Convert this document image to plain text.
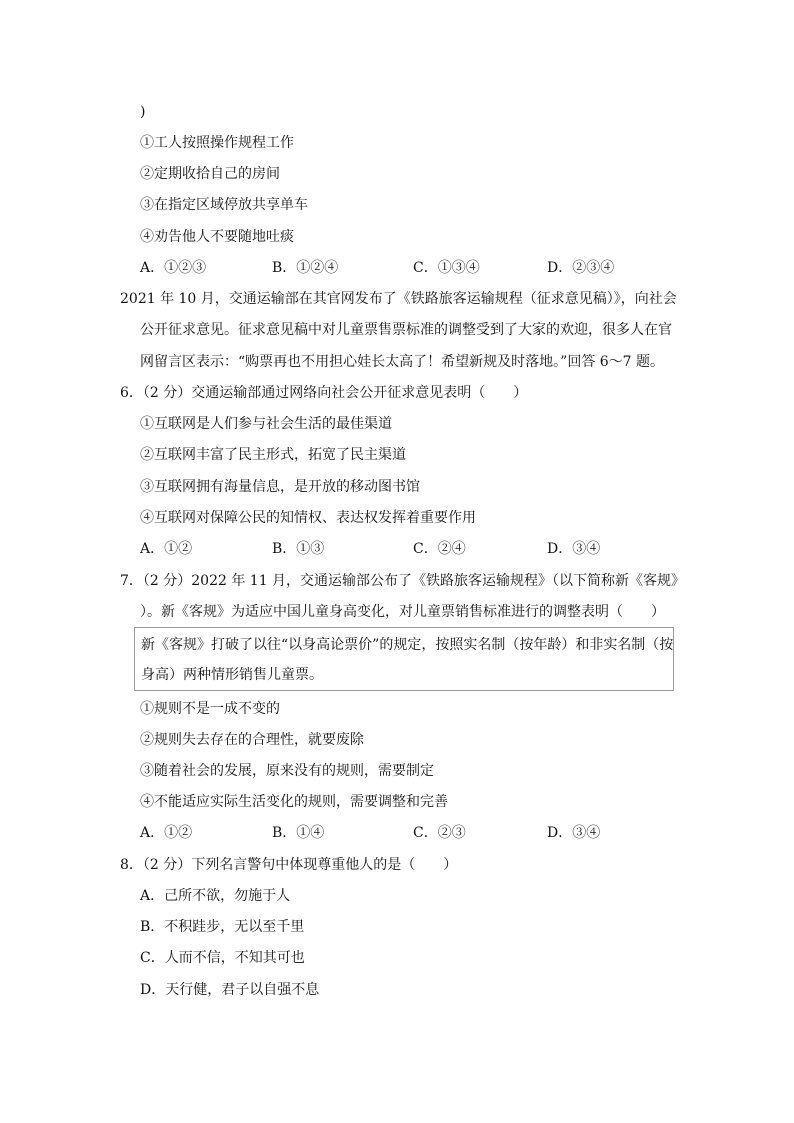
)
①工人按照操作规程工作
②定期收拾自己的房间
③在指定区域停放共享单车
④劝告他人不要随地吐痰
A．①②③	B．①②④	C．①③④	D．②③④
2021 年 10 月，交通运输部在其官网发布了《铁路旅客运输规程（征求意见稿）》，向社会
公开征求意见。征求意见稿中对儿童票售票标准的调整受到了大家的欢迎，很多人在官
网留言区表示：“购票再也不用担心娃长太高了！希望新规及时落地。”回答 6～7 题。
6．（2 分）交通运输部通过网络向社会公开征求意见表明（　　）
①互联网是人们参与社会生活的最佳渠道
②互联网丰富了民主形式，拓宽了民主渠道
③互联网拥有海量信息，是开放的移动图书馆
④互联网对保障公民的知情权、表达权发挥着重要作用
A．①②	B．①③	C．②④	D．③④
7．（2 分）2022 年 11 月，交通运输部公布了《铁路旅客运输规程》（以下简称新《客规》
）。新《客规》为适应中国儿童身高变化，对儿童票销售标准进行的调整表明（　　）
新《客规》打破了以往“以身高论票价”的规定，按照实名制（按年龄）和非实名制（按
身高）两种情形销售儿童票。
①规则不是一成不变的
②规则失去存在的合理性，就要废除
③随着社会的发展，原来没有的规则，需要制定
④不能适应实际生活变化的规则，需要调整和完善
A．①②	B．①④	C．②③	D．③④
8．（2 分）下列名言警句中体现尊重他人的是（　　）
A．己所不欲，勿施于人
B．不积跬步，无以至千里
C．人而不信，不知其可也
D．天行健，君子以自强不息
